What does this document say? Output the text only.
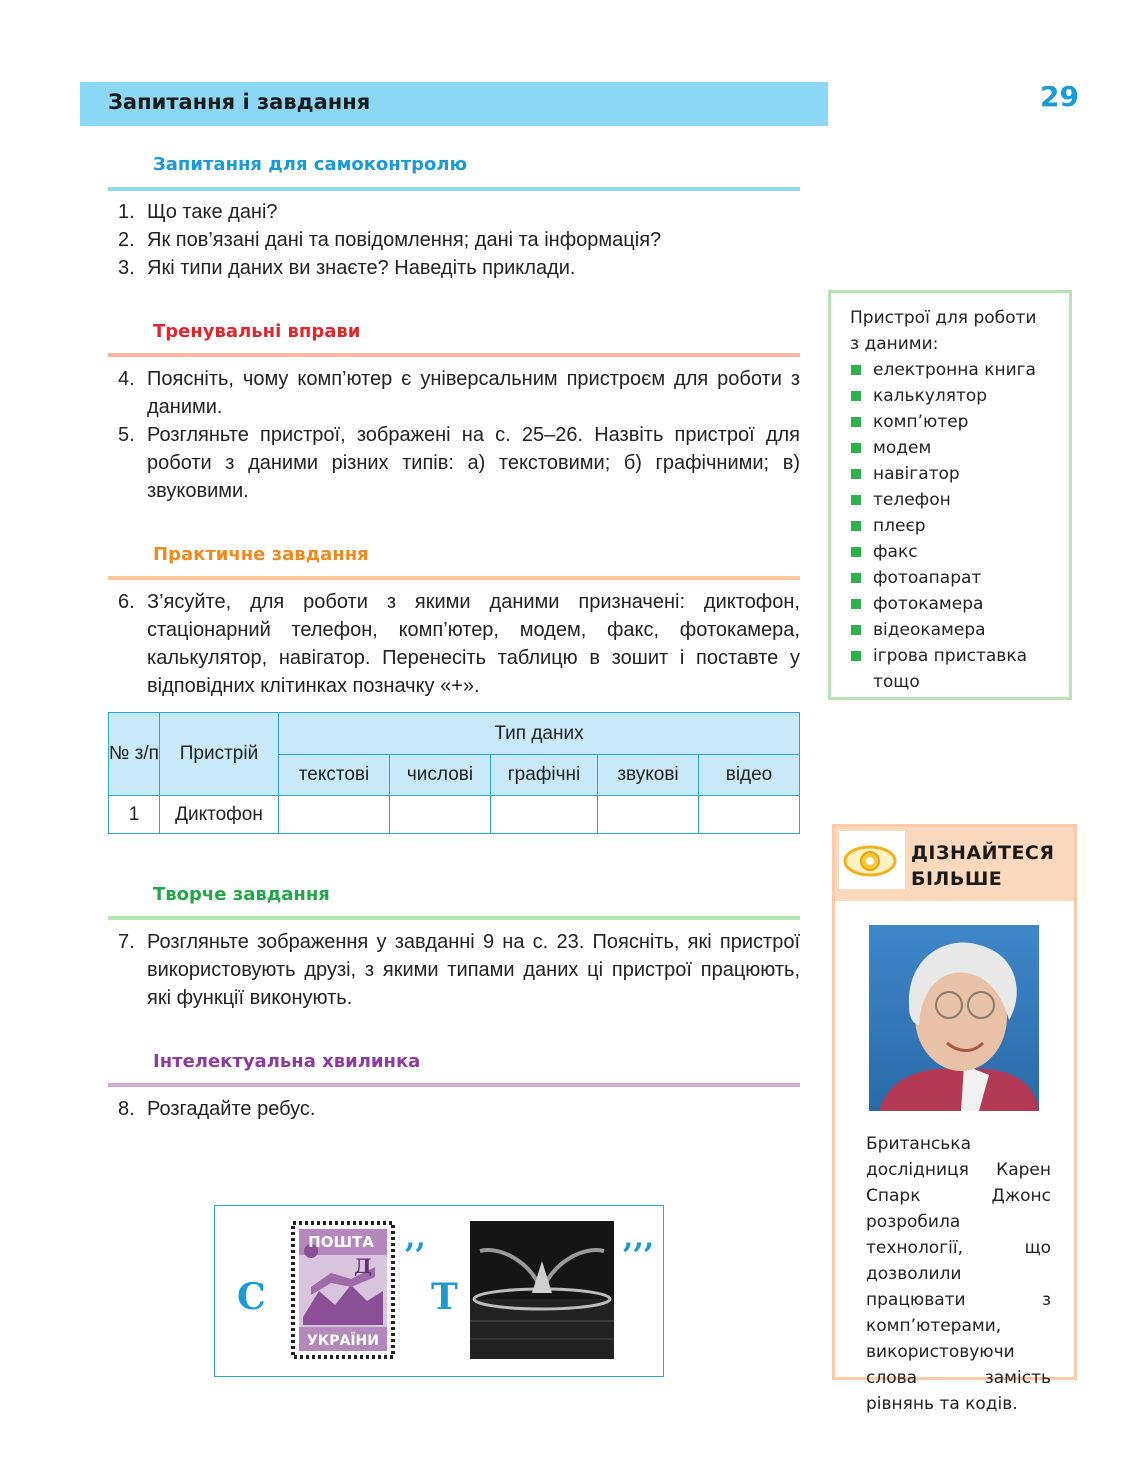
Запитання і завдання	29
Запитання для самоконтролю
1. Що таке дані?
2. Як пов’язані дані та повідомлення; дані та інформація?
3. Які типи даних ви знаєте? Наведіть приклади.
Тренувальні вправи
4. Поясніть, чому комп’ютер є універсальним пристроєм для роботи з даними.
5. Розгляньте пристрої, зображені на с. 25–26. Назвіть пристрої для роботи з даними різних типів: а) текстовими; б) графічними; в) звуковими.
Практичне завдання
6. З’ясуйте, для роботи з якими даними призначені: диктофон, стаціонарний телефон, комп’ютер, модем, факс, фотокамера, калькулятор, навігатор. Перенесіть таблицю в зошит і поставте у відповідних клітинках позначку «+».
№ з/п	Пристрій	Тип даних				
		текстові	числові	графічні	звукові	відео
1	Диктофон					
Творче завдання
7. Розгляньте зображення у завданні 9 на с. 23. Поясніть, які пристрої використовують друзі, з якими типами даних ці пристрої працюють, які функції виконують.
Інтелектуальна хвилинка
8. Розгадайте ребус.
С
ПОШТА
Д
УКРАЇНИ
,,
Т
,,,
Пристрої для роботи з даними:
електронна книга
калькулятор
комп’ютер
модем
навігатор
телефон
плеєр
факс
фотоапарат
фотокамера
відеокамера
ігрова приставка
тощо
ДІЗНАЙТЕСЯ БІЛЬШЕ
Британська дослідниця Карен Спарк Джонс розробила технології, що дозволили працювати з комп’ютерами, використовуючи слова замість рівнянь та кодів.
